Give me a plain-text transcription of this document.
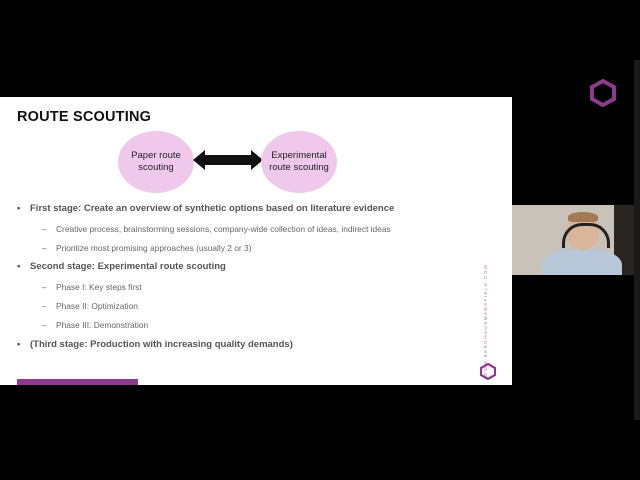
ROUTE SCOUTING
Paper route scouting
Experimental route scouting
• First stage: Create an overview of synthetic options based on literature evidence
– Creative process, brainstorming sessions, company-wide collection of ideas, indirect ideas
– Prioritize most promising approaches (usually 2 or 3)
• Second stage: Experimental route scouting
– Phase I: Key steps first
– Phase II: Optimization
– Phase III: Demonstration
• (Third stage: Production with increasing quality demands)	WWW.BERGHAUSMANSFIELD.COM
